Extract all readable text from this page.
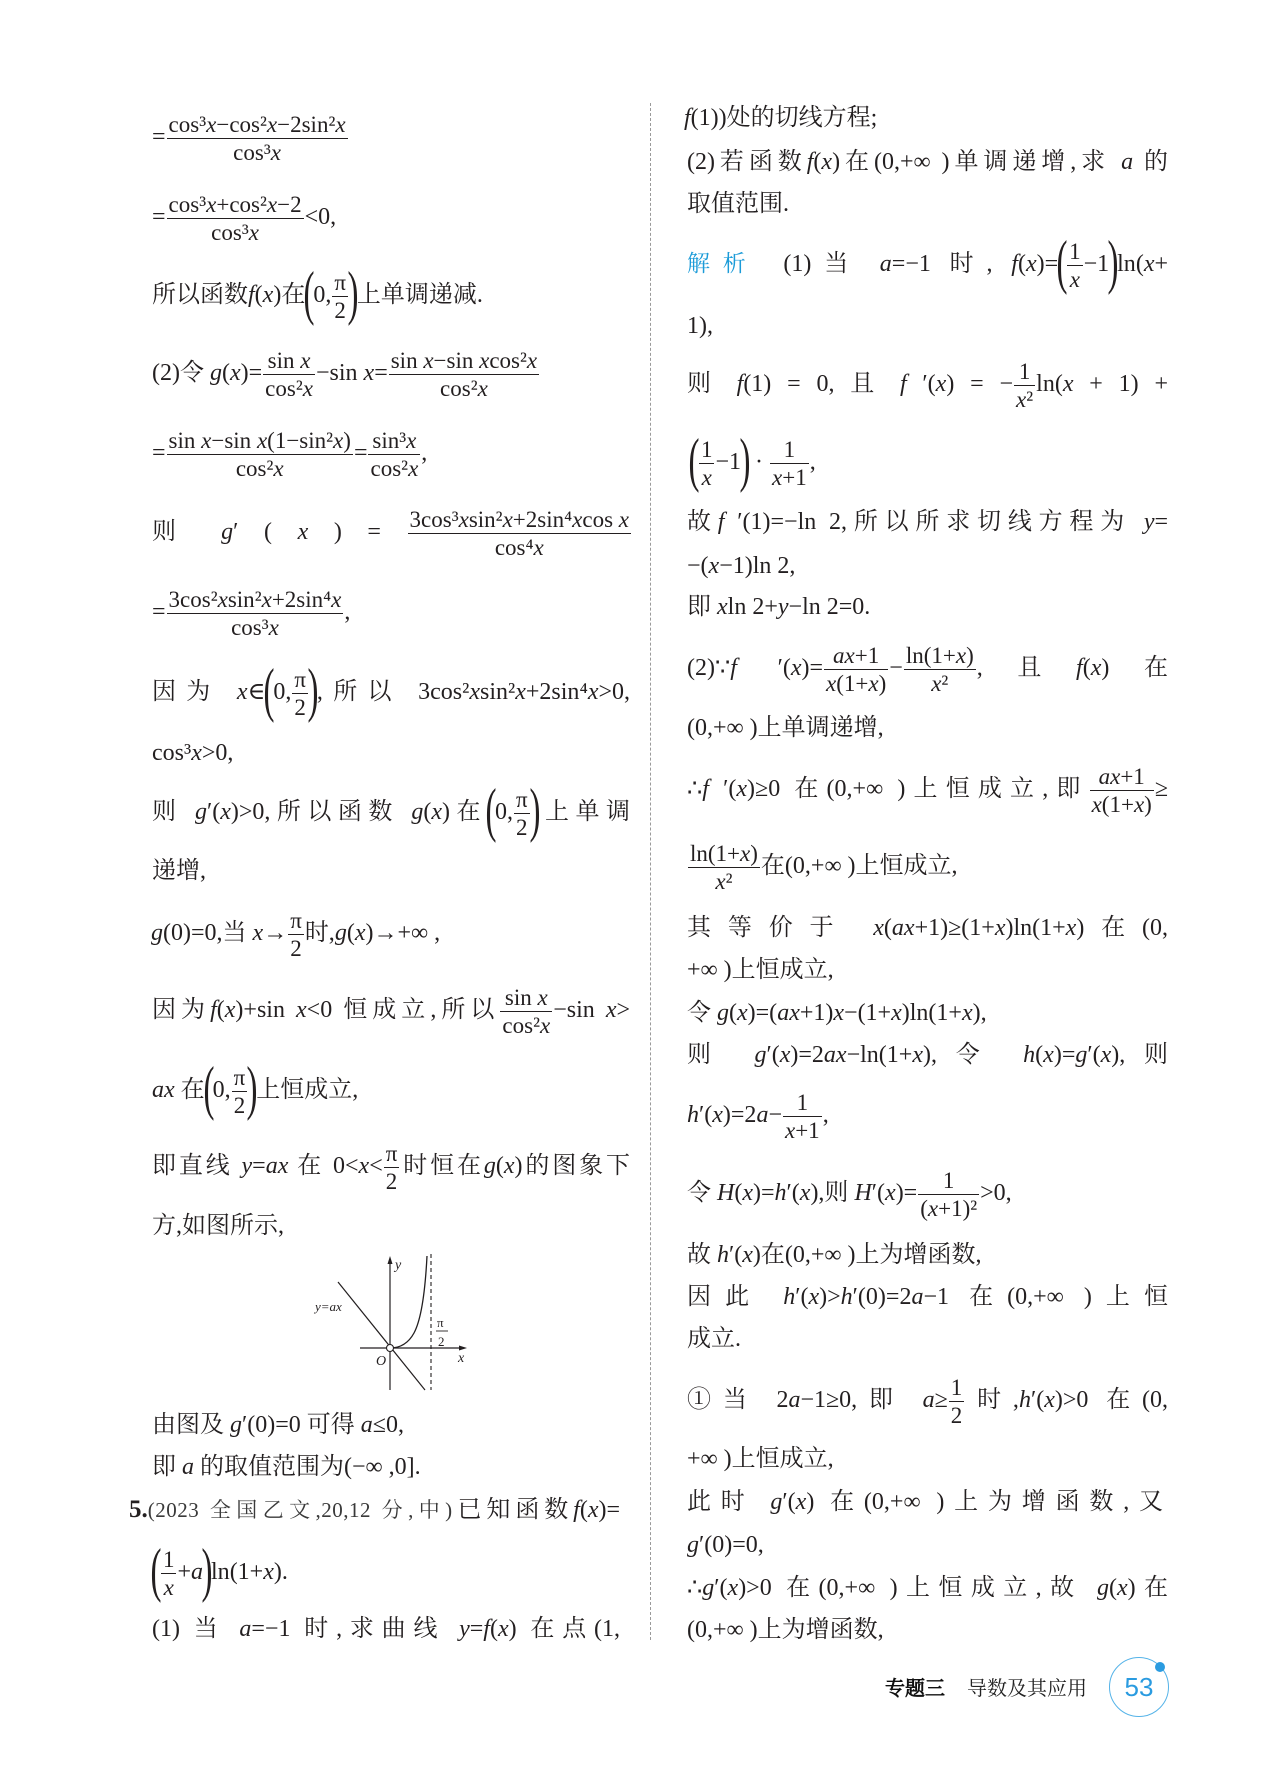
= $\frac{\text{cos³x−cos²x−2sin²x}}{\text{cos³x}}$
= $\frac{\text{cos³x+cos²x−2}}{\text{cos³x}} <0$,
所以函数f(x)在(0, $\frac{\pi}{2}$ )上单调递减.
(2)令 $g(x)= \frac{\text{sin x}}{\text{cos²x}} -\sin$ $x= \frac{\text{sin x−sin xcos²x}}{\text{cos²x}}$
= $\frac{\text{sin x−sin x(1−sin²x)}}{\text{cos²x}} = \frac{\text{sin³x}}{\text{cos²x}}$ ,
则 g′ ( x ) = $\frac{\text{3cos³xsin²x+2sin⁴xcos x}}{\text{cos⁴x}}$
= $\frac{\text{3cos²xsin²x+2sin⁴x}}{\text{cos³x}}$ ,
因为 x∈(0, $\frac{\pi}{2}$ ),所以 3cos²xsin²x+2sin⁴x>0,
cos³x>0,
则 g′(x)>0,所以函数 g(x)在(0, $\frac{\pi}{2}$ )上单调
递增,
g(0)=0,当 $x\to \frac{\pi}{2}$ 时,g(x)→+∞ ,
因为f(x)+sin x<0 恒成立,所以 $\frac{\text{sin x}}{\text{cos²x}} -\sin$ x>
ax 在(0, $\frac{\pi}{2}$ )上恒成立,
即直线 y=ax 在 $0<x< \frac{\pi}{2}$ 时恒在g(x)的图象下
方,如图所示,
y
y=ax
π
2
O	x
由图及 g′(0)=0 可得 a≤0,
即 a 的取值范围为(−∞ ,0].
5.(2023 全国乙文,20,12 分,中)已知函数f(x)=
( $\frac{1}{x} +a)\ln(1+x)$.
(1) 当 a=−1 时,求曲线 y=f(x) 在点(1,
f(1))处的切线方程;
(2)若函数f(x)在(0,+∞ )单调递增,求 a 的
取值范围.
解析 (1)当 a=−1 时, $f(x)=( \frac{1}{x} -1)\ln(x+$
1),
则 f(1) = 0, 且 f ′(x) = − $\frac{1}{\text{x²}} \ln(x + 1)$ +
( $\frac{1}{x} -1) \cdot \frac{1}{x+1}$ ,
故f ′(1)=−ln 2,所以所求切线方程为 y=
−(x−1)ln 2,
即 xln 2+y−ln 2=0.
(2)∵f $'(x)= \frac{ax+1}{x(1+x)} - \frac{\ln(1+x)}{\text{x²}}$ ,且f(x)在
(0,+∞ )上单调递增,
∴f ′(x)≥0 在(0,+∞ )上恒成立,即 $\frac{ax+1}{x(1+x)}$ ≥
$\frac{\ln(1+x)}{\text{x²}}$ 在(0,+∞ )上恒成立,
其等价于 x(ax+1)≥(1+x)ln(1+x)在(0,
+∞ )上恒成立,
令 g(x)=(ax+1)x−(1+x)ln(1+x),
则 g′(x)=2ax−ln(1+x),令 h(x)=g′(x),则
$h'(x)=2a- \frac{1}{x+1}$ ,
令 H(x)=h′(x),则 $H'(x)= \frac{1}{\text{(x+1)²}} >0$,
故 h′(x)在(0,+∞ )上为增函数,
因此 h′(x)>h′(0)=2a−1 在(0,+∞ )上恒
成立.
①当 2a−1≥0,即 $a\ge \frac{1}{2}$ 时,h′(x)>0 在(0,
+∞ )上恒成立,
此时 g′(x) 在(0,+∞ )上为增函数,又
g′(0)=0,
∴g′(x)>0 在(0,+∞ )上恒成立,故 g(x)在
(0,+∞ )上为增函数,
专题三 导数及其应用 53
